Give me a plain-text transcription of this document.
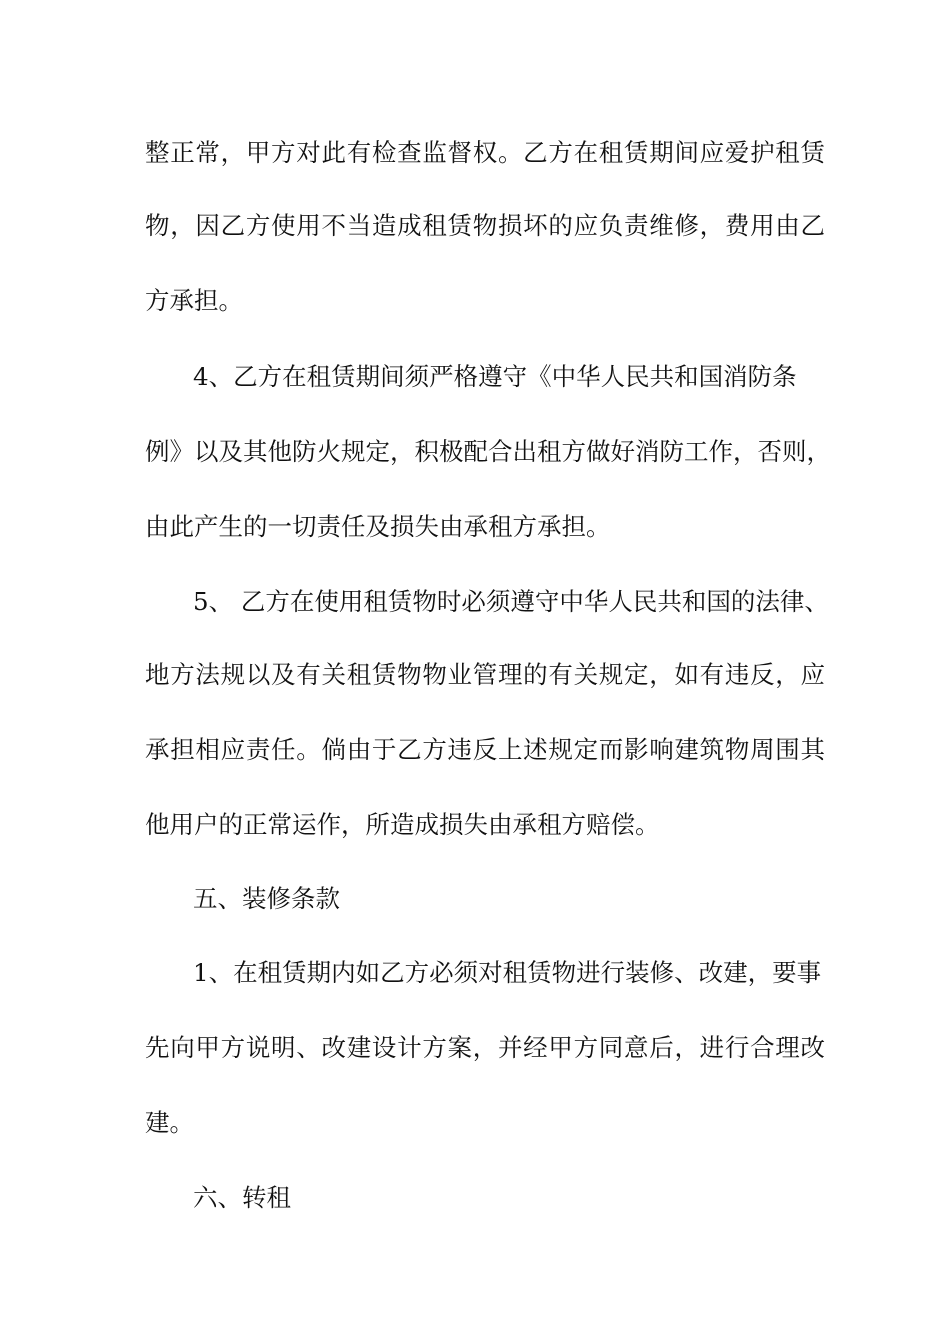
整正常，甲方对此有检查监督权。乙方在租赁期间应爱护租赁
物，因乙方使用不当造成租赁物损坏的应负责维修，费用由乙
方承担。
4、乙方在租赁期间须严格遵守《中华人民共和国消防条
例》以及其他防火规定，积极配合出租方做好消防工作，否则，
由此产生的一切责任及损失由承租方承担。
5、 乙方在使用租赁物时必须遵守中华人民共和国的法律、
地方法规以及有关租赁物物业管理的有关规定，如有违反，应
承担相应责任。倘由于乙方违反上述规定而影响建筑物周围其
他用户的正常运作，所造成损失由承租方赔偿。
五、装修条款
1、在租赁期内如乙方必须对租赁物进行装修、改建，要事
先向甲方说明、改建设计方案，并经甲方同意后，进行合理改
建。
六、转租
